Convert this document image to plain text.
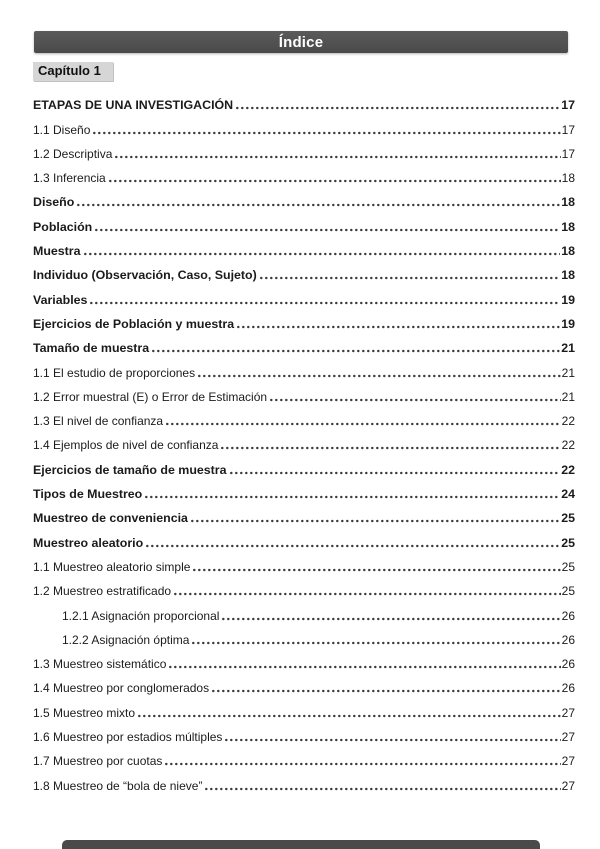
Índice
Capítulo 1
ETAPAS DE UNA INVESTIGACIÓN	17
1.1 Diseño	17
1.2 Descriptiva	17
1.3 Inferencia	18
Diseño	18
Población	18
Muestra	18
Individuo (Observación, Caso, Sujeto)	18
Variables	19
Ejercicios de Población y muestra	19
Tamaño de muestra	21
1.1 El estudio de proporciones	21
1.2 Error muestral (E) o Error de Estimación	21
1.3 El nivel de confianza	22
1.4 Ejemplos de nivel de confianza	22
Ejercicios de tamaño de muestra	22
Tipos de Muestreo	24
Muestreo de conveniencia	25
Muestreo aleatorio	25
1.1 Muestreo aleatorio simple	25
1.2 Muestreo estratificado	25
1.2.1 Asignación proporcional	26
1.2.2 Asignación óptima	26
1.3 Muestreo sistemático	26
1.4 Muestreo por conglomerados	26
1.5 Muestreo mixto	27
1.6 Muestreo por estadios múltiples	27
1.7 Muestreo por cuotas	27
1.8 Muestreo de “bola de nieve”	27
